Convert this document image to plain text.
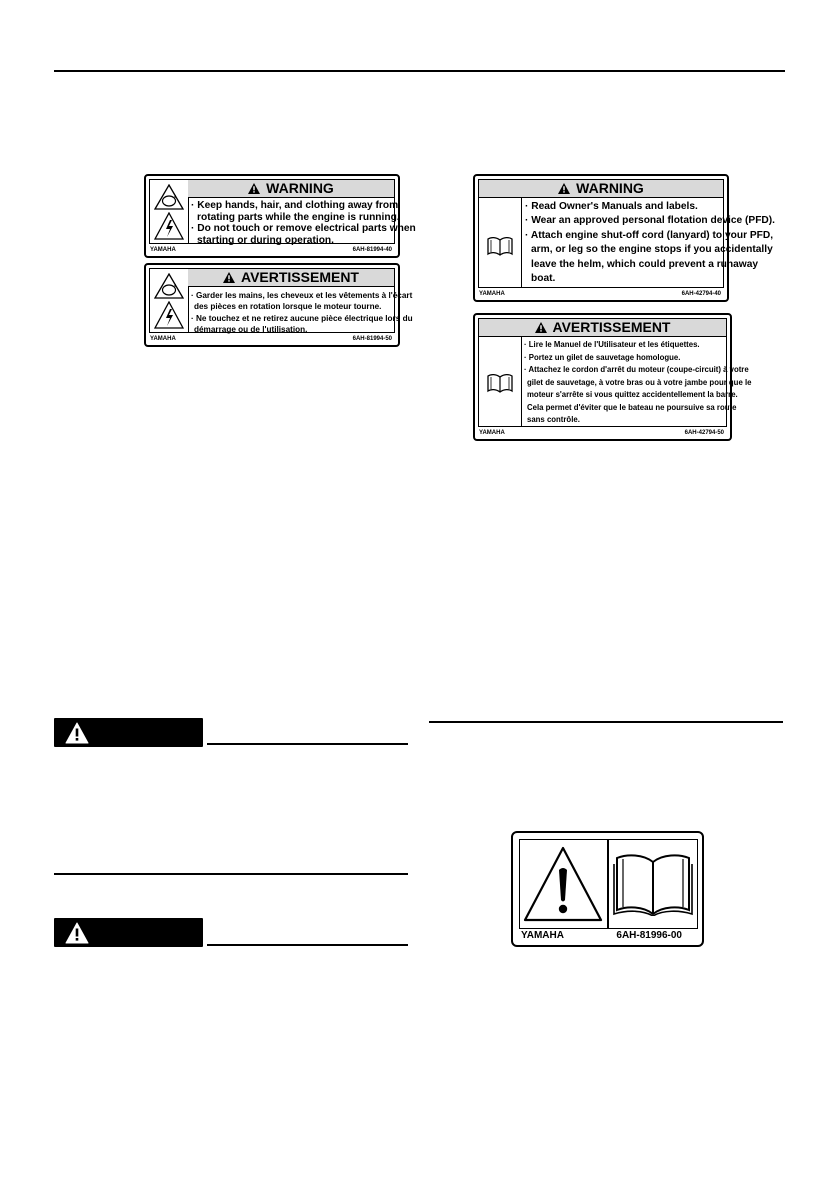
WARNING
· Keep hands, hair, and clothing away from
rotating parts while the engine is running.
· Do not touch or remove electrical parts when
starting or during operation.
YAMAHA	6AH-81994-40
AVERTISSEMENT
· Garder les mains, les cheveux et les vêtements à l'écart
des pièces en rotation lorsque le moteur tourne.
· Ne touchez et ne retirez aucune pièce électrique lors du
démarrage ou de l'utilisation.
YAMAHA	6AH-81994-50
WARNING
· Read Owner's Manuals and labels.
· Wear an approved personal flotation device (PFD).
· Attach engine shut-off cord (lanyard) to your PFD,
arm, or leg so the engine stops if you accidentally
leave the helm, which could prevent a runaway
boat.
YAMAHA	6AH-42794-40
AVERTISSEMENT
· Lire le Manuel de l'Utilisateur et les étiquettes.
· Portez un gilet de sauvetage homologue.
· Attachez le cordon d'arrêt du moteur (coupe-circuit) à votre
gilet de sauvetage, à votre bras ou à votre jambe pour que le
moteur s'arrête si vous quittez accidentellement la barre.
Cela permet d'éviter que le bateau ne poursuive sa route
sans contrôle.
YAMAHA	6AH-42794-50
YAMAHA	6AH-81996-00
